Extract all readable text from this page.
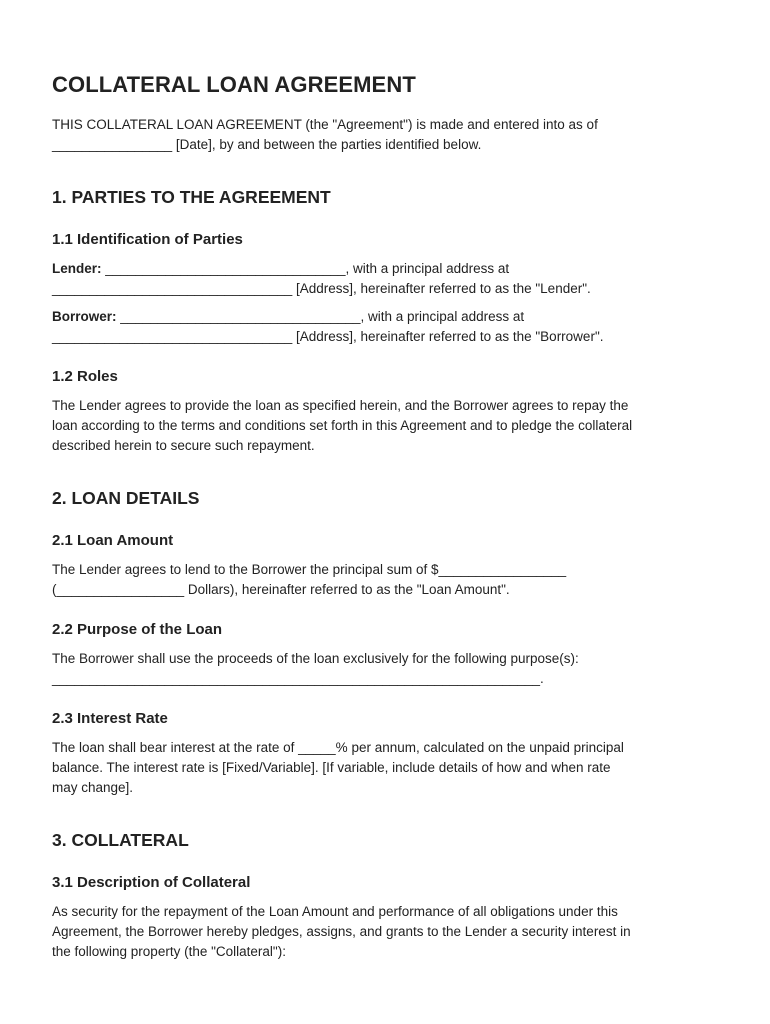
COLLATERAL LOAN AGREEMENT

THIS COLLATERAL LOAN AGREEMENT (the "Agreement") is made and entered into as of
________________ [Date], by and between the parties identified below.

1. PARTIES TO THE AGREEMENT
1.1 Identification of Parties

Lender: ________________________________, with a principal address at
________________________________ [Address], hereinafter referred to as the "Lender".

Borrower: ________________________________, with a principal address at
________________________________ [Address], hereinafter referred to as the "Borrower".

1.2 Roles

The Lender agrees to provide the loan as specified herein, and the Borrower agrees to repay the
loan according to the terms and conditions set forth in this Agreement and to pledge the collateral
described herein to secure such repayment.

2. LOAN DETAILS
2.1 Loan Amount

The Lender agrees to lend to the Borrower the principal sum of $_________________
(_________________ Dollars), hereinafter referred to as the "Loan Amount".

2.2 Purpose of the Loan

The Borrower shall use the proceeds of the loan exclusively for the following purpose(s):
_________________________________________________________________.

2.3 Interest Rate

The loan shall bear interest at the rate of _____% per annum, calculated on the unpaid principal
balance. The interest rate is [Fixed/Variable]. [If variable, include details of how and when rate
may change].

3. COLLATERAL
3.1 Description of Collateral

As security for the repayment of the Loan Amount and performance of all obligations under this
Agreement, the Borrower hereby pledges, assigns, and grants to the Lender a security interest in
the following property (the "Collateral"):
